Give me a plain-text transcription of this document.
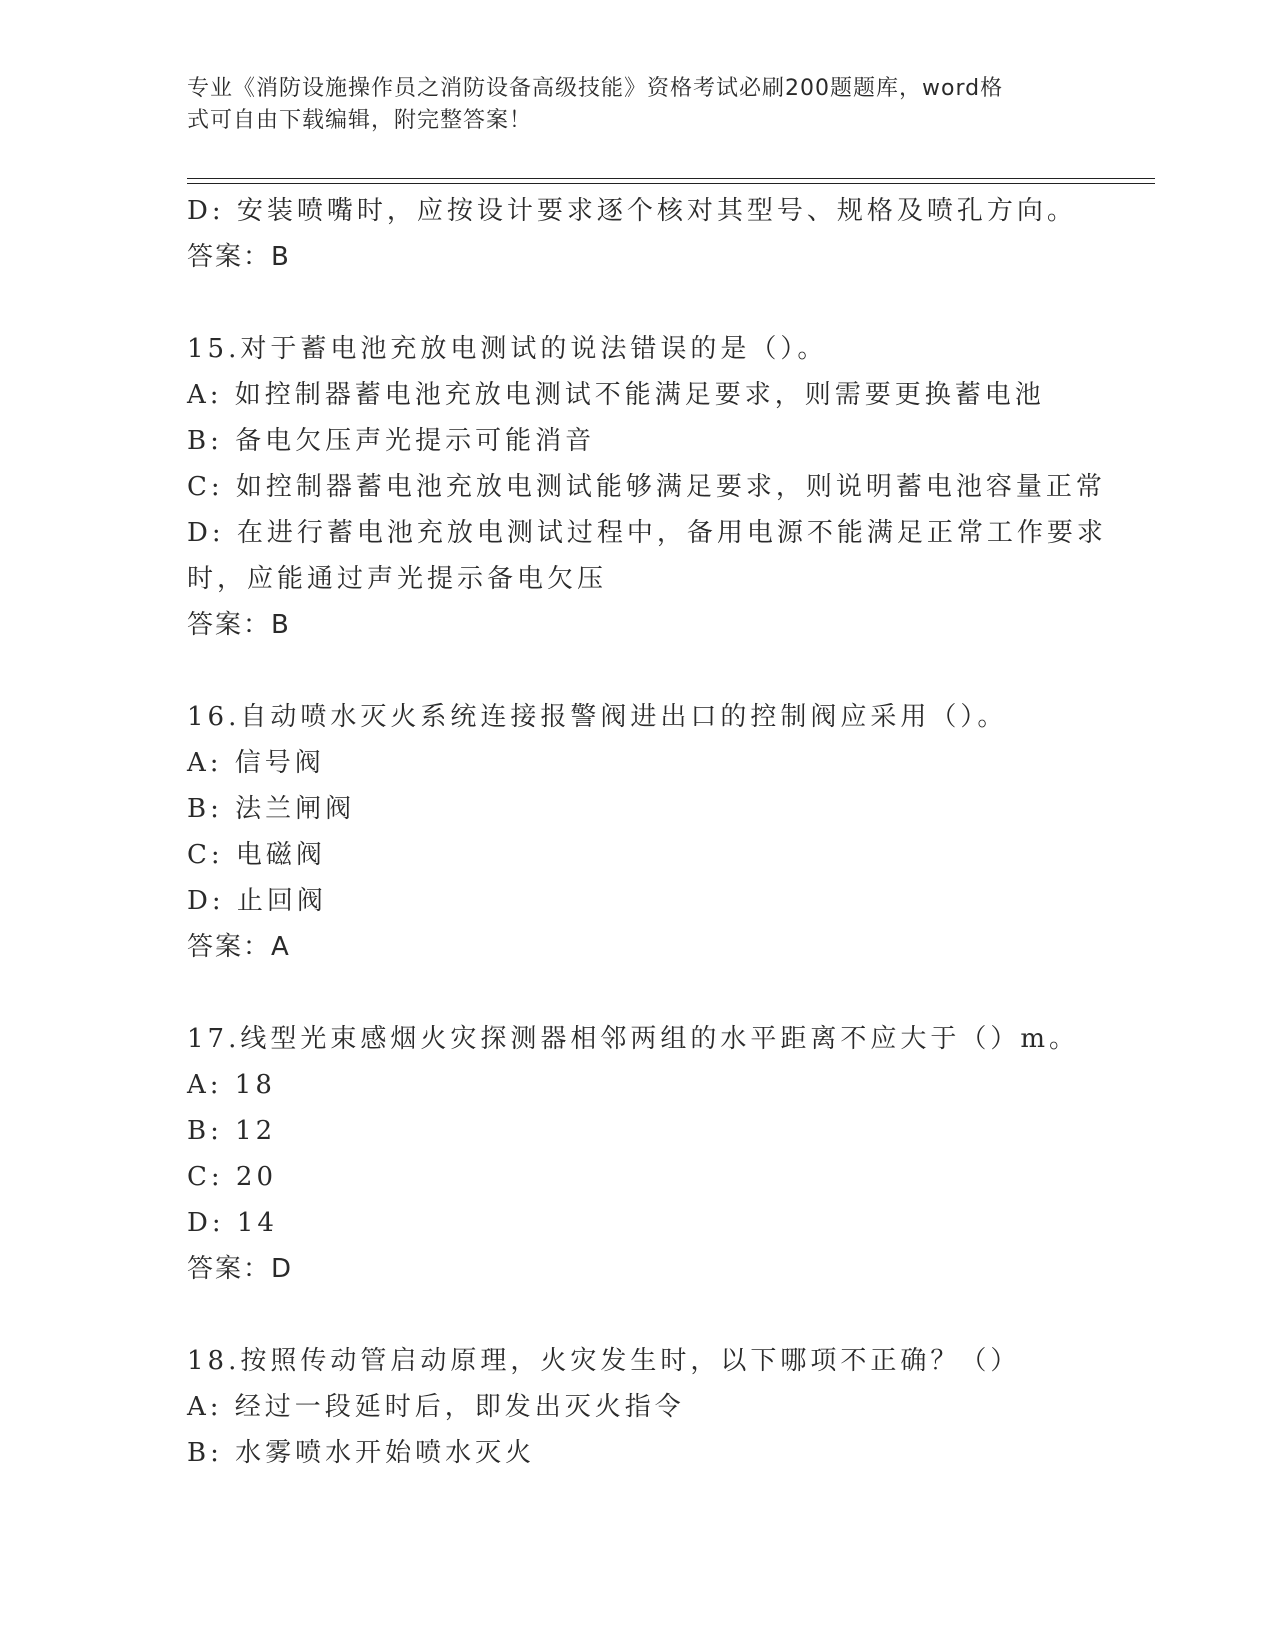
专业《消防设施操作员之消防设备高级技能》资格考试必刷200题题库，word格
式可自由下载编辑，附完整答案！
D: 安装喷嘴时，应按设计要求逐个核对其型号、规格及喷孔方向。
答案：B
15.对于蓄电池充放电测试的说法错误的是（）。
A: 如控制器蓄电池充放电测试不能满足要求，则需要更换蓄电池
B: 备电欠压声光提示可能消音
C: 如控制器蓄电池充放电测试能够满足要求，则说明蓄电池容量正常
D: 在进行蓄电池充放电测试过程中，备用电源不能满足正常工作要求
时，应能通过声光提示备电欠压
答案：B
16.自动喷水灭火系统连接报警阀进出口的控制阀应采用（）。
A: 信号阀
B: 法兰闸阀
C: 电磁阀
D: 止回阀
答案：A
17.线型光束感烟火灾探测器相邻两组的水平距离不应大于（）m。
A: 18
B: 12
C: 20
D: 14
答案：D
18.按照传动管启动原理，火灾发生时，以下哪项不正确？（）
A: 经过一段延时后，即发出灭火指令
B: 水雾喷水开始喷水灭火
